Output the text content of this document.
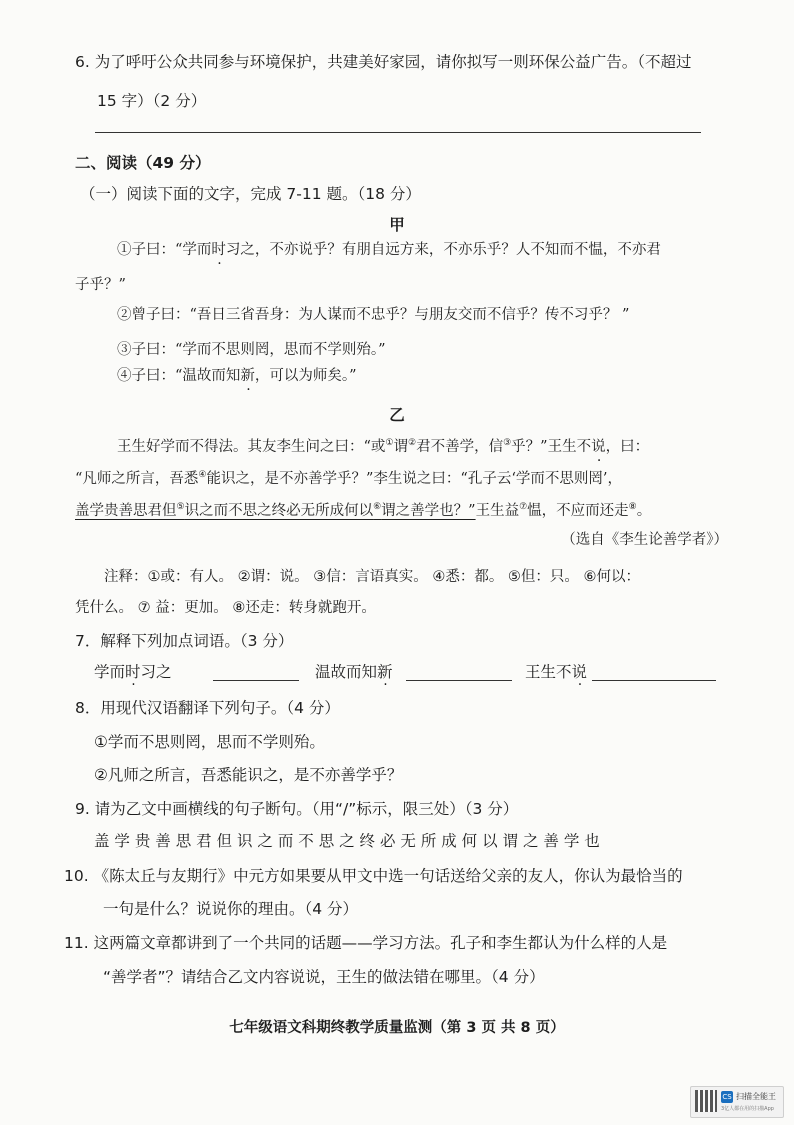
6. 为了呼吁公众共同参与环境保护，共建美好家园，请你拟写一则环保公益广告。（不超过
15 字）（2 分）
二、阅读（49 分）
（一）阅读下面的文字，完成 7-11 题。（18 分）
甲
①子曰：“学而时习之，不亦说乎？有朋自远方来，不亦乐乎？人不知而不愠，不亦君
子乎？”
②曾子曰：“吾日三省吾身：为人谋而不忠乎？与朋友交而不信乎？传不习乎？ ”
③子曰：“学而不思则罔，思而不学则殆。”
④子曰：“温故而知新，可以为师矣。”
乙
王生好学而不得法。其友李生问之曰：“或①谓②君不善学，信③乎？”王生不说，曰：
“凡师之所言，吾悉④能识之，是不亦善学乎？”李生说之曰：“孔子云‘学而不思则罔’，
盖学贵善思君但⑤识之而不思之终必无所成何以⑥谓之善学也？”王生益⑦愠，不应而还走⑧。
（选自《李生论善学者》）
注释：①或：有人。 ②谓：说。 ③信：言语真实。 ④悉：都。 ⑤但：只。 ⑥何以：
凭什么。 ⑦ 益：更加。 ⑧还走：转身就跑开。
7．解释下列加点词语。（3 分）
学而时习之	温故而知新	王生不说
8．用现代汉语翻译下列句子。（4 分）
①学而不思则罔，思而不学则殆。
②凡师之所言，吾悉能识之，是不亦善学乎？
9. 请为乙文中画横线的句子断句。（用“/”标示，限三处）（3 分）
盖 学 贵 善 思 君 但 识 之 而 不 思 之 终 必 无 所 成 何 以 谓 之 善 学 也
10. 《陈太丘与友期行》中元方如果要从甲文中选一句话送给父亲的友人，你认为最恰当的
一句是什么？说说你的理由。（4 分）
11. 这两篇文章都讲到了一个共同的话题——学习方法。孔子和李生都认为什么样的人是
“善学者”？请结合乙文内容说说，王生的做法错在哪里。（4 分）
七年级语文科期终教学质量监测（第 3 页 共 8 页）
CS 扫描全能王
3亿人都在用的扫描App
